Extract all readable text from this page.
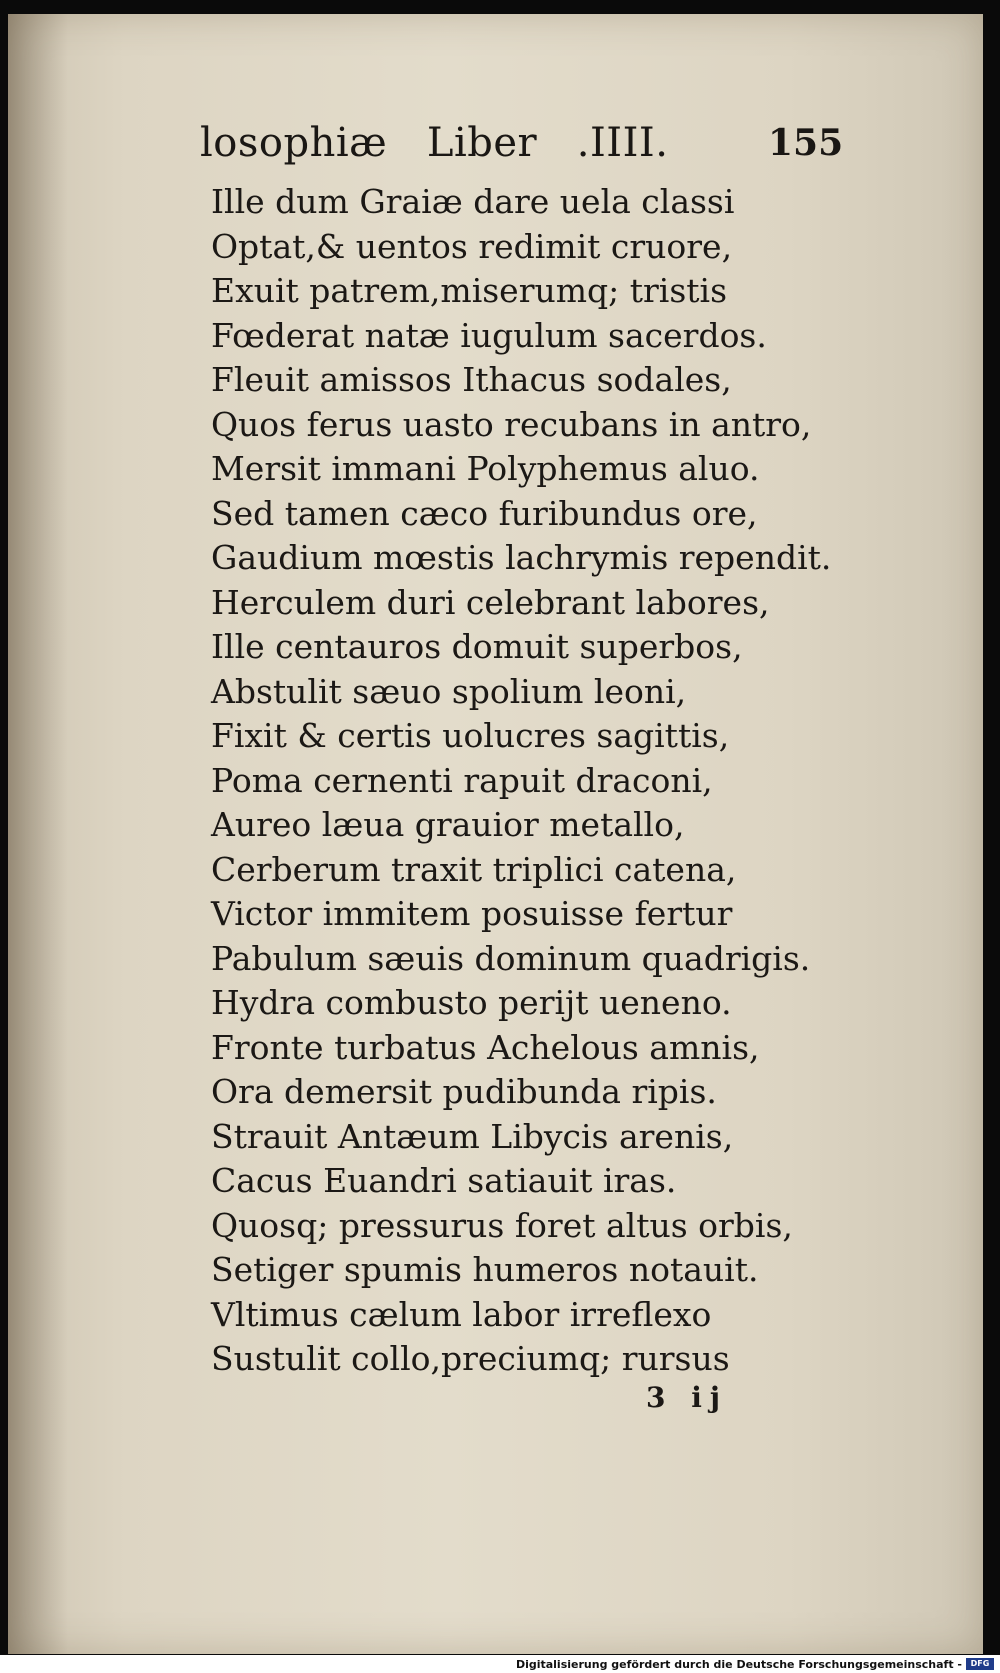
losophiæ   Liber   .IIII.	155
Ille dum Graiæ dare uela classi
Optat,& uentos redimit cruore,
Exuit patrem,miserumq; tristis
Fœderat natæ iugulum sacerdos.
Fleuit amissos Ithacus sodales,
Quos ferus uasto recubans in antro,
Mersit immani Polyphemus aluo.
Sed tamen cæco furibundus ore,
Gaudium mœstis lachrymis rependit.
Herculem duri celebrant labores,
Ille centauros domuit superbos,
Abstulit sæuo spolium leoni,
Fixit & certis uolucres sagittis,
Poma cernenti rapuit draconi,
Aureo læua grauior metallo,
Cerberum traxit triplici catena,
Victor immitem posuisse fertur
Pabulum sæuis dominum quadrigis.
Hydra combusto perijt ueneno.
Fronte turbatus Achelous amnis,
Ora demersit pudibunda ripis.
Strauit Antæum Libycis arenis,
Cacus Euandri satiauit iras.
Quosq; pressurus foret altus orbis,
Setiger spumis humeros notauit.
Vltimus cælum labor irreflexo
Sustulit collo,preciumq; rursus
3 ij
Digitalisierung gefördert durch die Deutsche Forschungsgemeinschaft -	DFG
